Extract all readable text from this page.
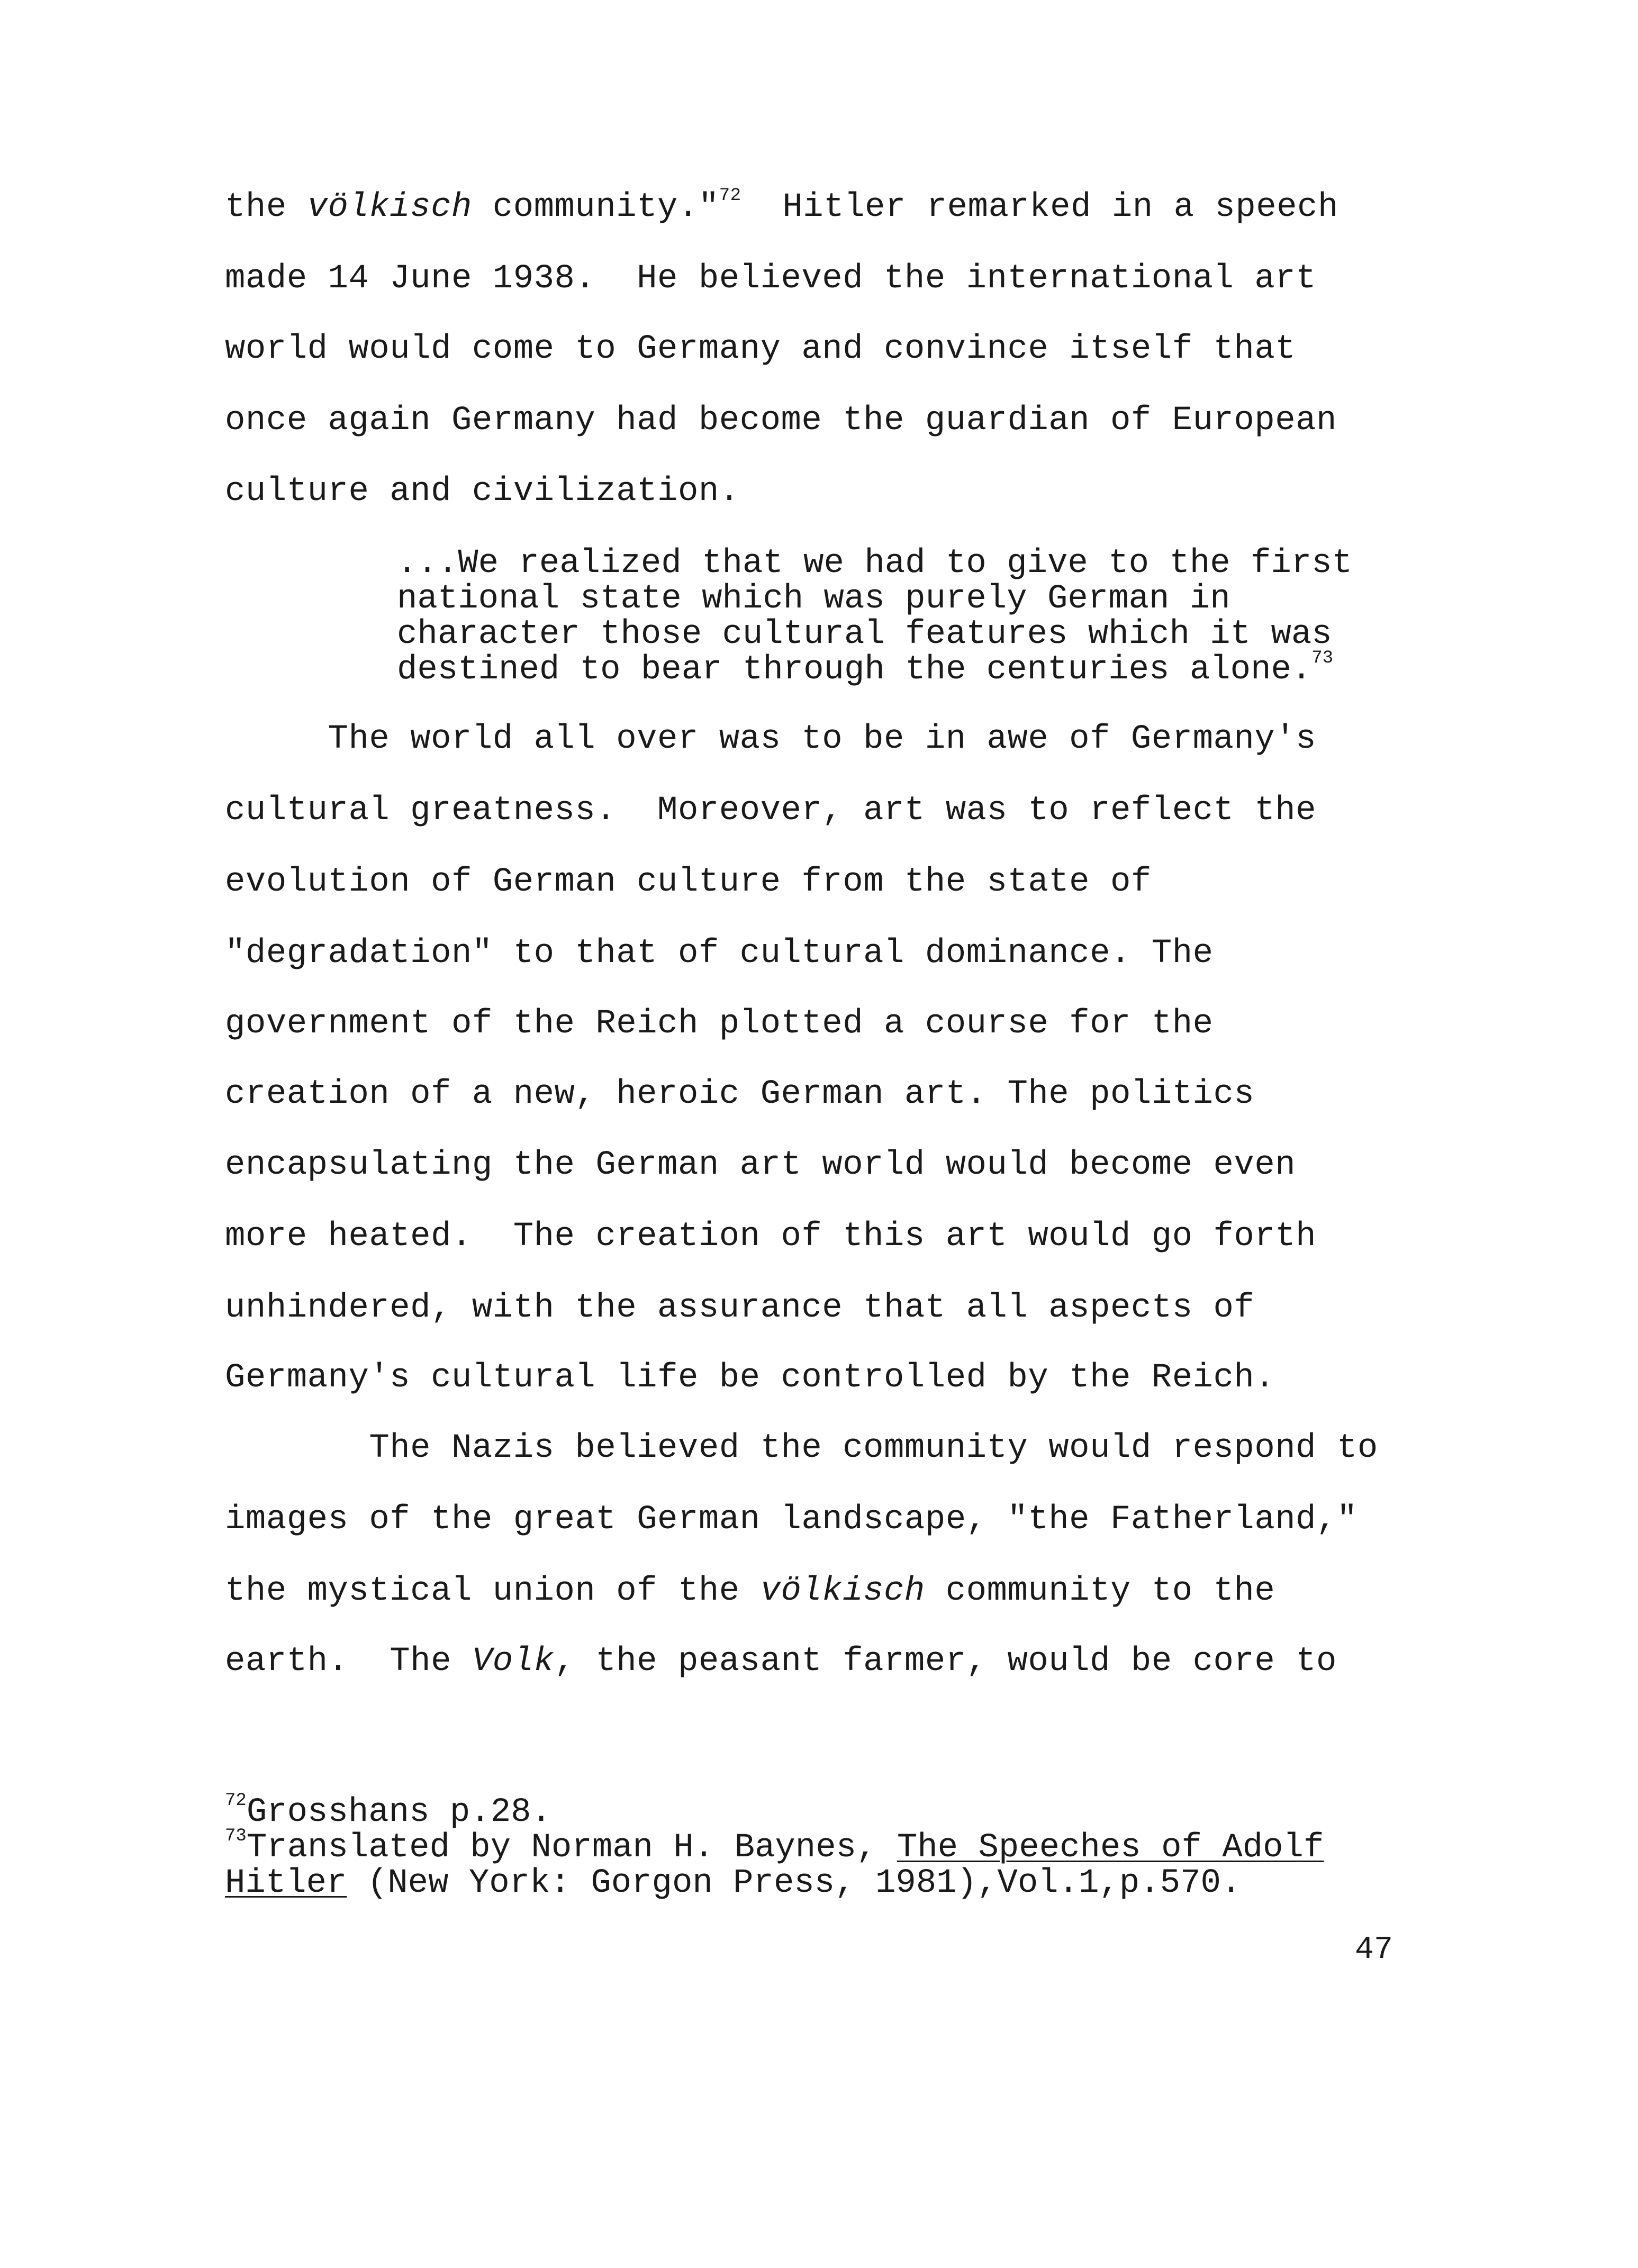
the völkisch community."$^{72}$  Hitler remarked in a speech
made 14 June 1938.  He believed the international art
world would come to Germany and convince itself that
once again Germany had become the guardian of European
culture and civilization.
...We realized that we had to give to the first
national state which was purely German in
character those cultural features which it was
destined to bear through the centuries alone.$^{73}$
The world all over was to be in awe of Germany's
cultural greatness.  Moreover, art was to reflect the
evolution of German culture from the state of
"degradation" to that of cultural dominance. The
government of the Reich plotted a course for the
creation of a new, heroic German art. The politics
encapsulating the German art world would become even
more heated.  The creation of this art would go forth
unhindered, with the assurance that all aspects of
Germany's cultural life be controlled by the Reich.
The Nazis believed the community would respond to
images of the great German landscape, "the Fatherland,"
the mystical union of the völkisch community to the
earth.  The Volk, the peasant farmer, would be core to
$^{72}$Grosshans p.28.
$^{73}$Translated by Norman H. Baynes, The Speeches of Adolf
Hitler (New York: Gorgon Press, 1981),Vol.1,p.570.
47
